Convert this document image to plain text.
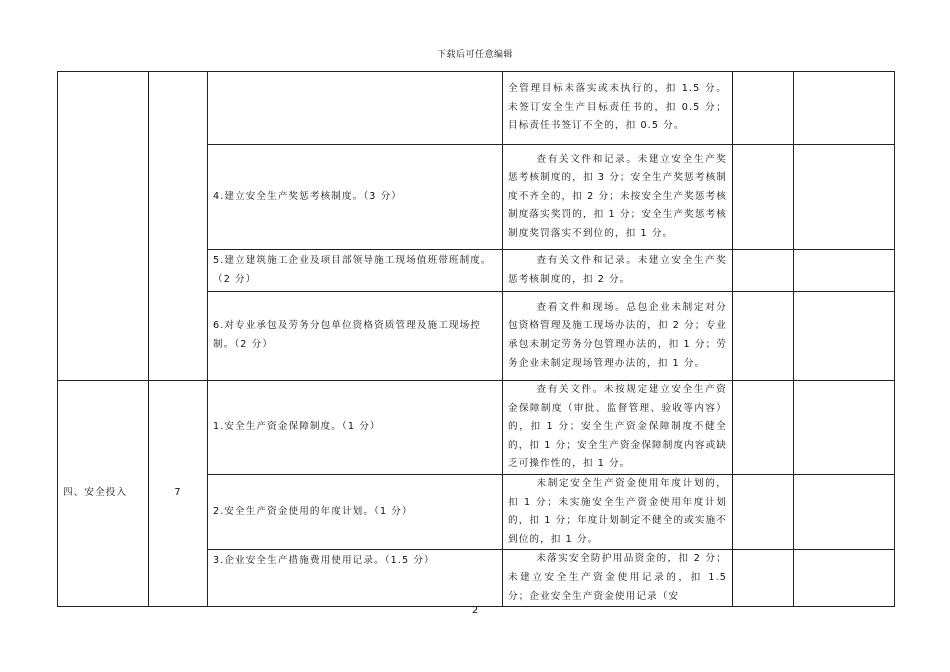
下载后可任意编辑
			全管理目标未落实或未执行的，扣 1.5 分。未签订安全生产目标责任书的，扣 0.5 分；目标责任书签订不全的，扣 0.5 分。		
		4.建立安全生产奖惩考核制度。（3 分）	查有关文件和记录。未建立安全生产奖惩考核制度的，扣 3 分；安全生产奖惩考核制度不齐全的，扣 2 分；未按安全生产奖惩考核制度落实奖罚的，扣 1 分；安全生产奖惩考核制度奖罚落实不到位的，扣 1 分。		
		5.建立建筑施工企业及项目部领导施工现场值班带班制度。（2 分）	查有关文件和记录。未建立安全生产奖惩考核制度的，扣 2 分。		
		6.对专业承包及劳务分包单位资格资质管理及施工现场控制。（2 分）	查看文件和现场。总包企业未制定对分包资格管理及施工现场办法的，扣 2 分；专业承包未制定劳务分包管理办法的，扣 1 分；劳务企业未制定现场管理办法的，扣 1 分。		
四、安全投入	7	1.安全生产资金保障制度。（1 分）	查有关文件。未按规定建立安全生产资金保障制度（审批、监督管理、验收等内容）的，扣 1 分；安全生产资金保障制度不健全的，扣 1 分；安全生产资金保障制度内容或缺乏可操作性的，扣 1 分。		
		2.安全生产资金使用的年度计划。（1 分）	未制定安全生产资金使用年度计划的，扣 1 分；未实施安全生产资金使用年度计划的，扣 1 分；年度计划制定不健全的或实施不到位的，扣 1 分。		
		3.企业安全生产措施费用使用记录。（1.5 分）	未落实安全防护用品资金的，扣 2 分；未建立安全生产资金使用记录的，扣 1.5 分；企业安全生产资金使用记录（安		
2
